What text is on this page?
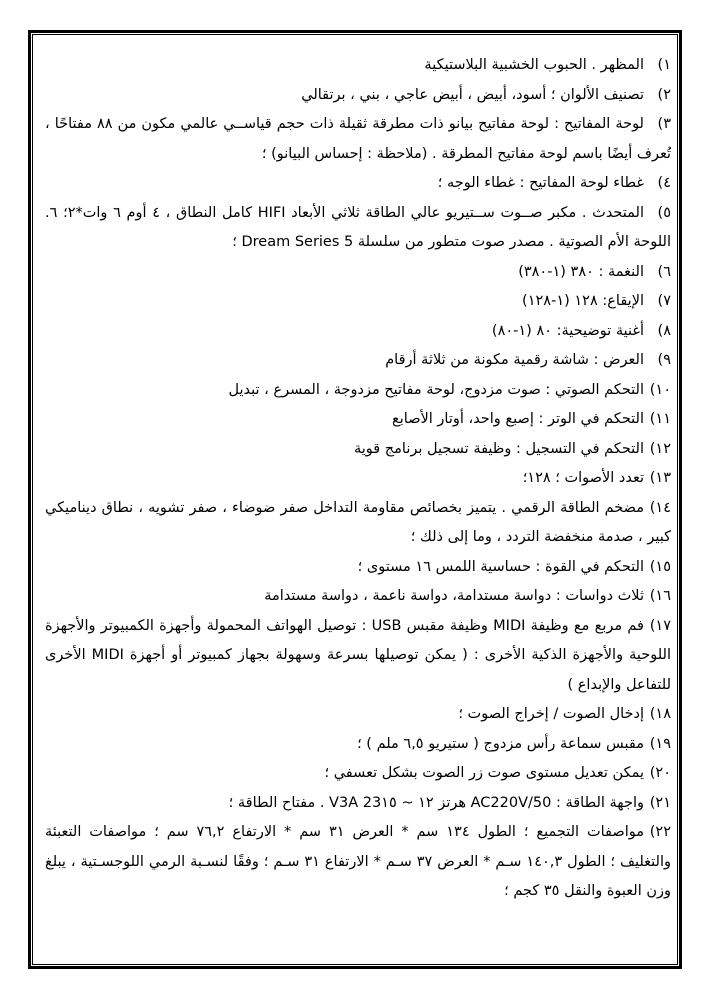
١)المظهر . الحبوب الخشبية البلاستيكية
٢)تصنيف الألوان ؛ أسود، أبيض ، أبيض عاجي ، بني ، برتقالي
٣)لوحة المفاتيح : لوحة مفاتيح بيانو ذات مطرقة ثقيلة ذات حجم قياســي عالمي مكون من ٨٨ مفتاحًا ، تُعرف أيضًا باسم لوحة مفاتيح المطرقة . (ملاحظة : إحساس البيانو) ؛
٤)غطاء لوحة المفاتيح : غطاء الوجه ؛
٥)المتحدث . مكبر صــوت ســتيريو عالي الطاقة ثلاثي الأبعاد HIFI كامل النطاق ، ٤ أوم ٦ وات*٢؛ ٦. اللوحة الأم الصوتية . مصدر صوت متطور من سلسلة Dream Series 5 ؛
٦)النغمة : ٣٨٠ (١-٣٨٠)
٧)الإيقاع: ١٢٨ (١-١٢٨)
٨)أغنية توضيحية: ٨٠ (١-٨٠)
٩)العرض : شاشة رقمية مكونة من ثلاثة أرقام
١٠)التحكم الصوتي : صوت مزدوج، لوحة مفاتيح مزدوجة ، المسرع ، تبديل
١١)التحكم في الوتر : إصبع واحد، أوتار الأصابع
١٢)التحكم في التسجيل : وظيفة تسجيل برنامج قوية
١٣)تعدد الأصوات ؛ ١٢٨؛
١٤)مضخم الطاقة الرقمي . يتميز بخصائص مقاومة التداخل صفر ضوضاء ، صفر تشويه ، نطاق ديناميكي كبير ، صدمة منخفضة التردد ، وما إلى ذلك ؛
١٥)التحكم في القوة : حساسية اللمس ١٦ مستوى ؛
١٦)ثلاث دواسات : دواسة مستدامة، دواسة ناعمة ، دواسة مستدامة
١٧)فم مربع مع وظيفة MIDI وظيفة مقبس USB : توصيل الهواتف المحمولة وأجهزة الكمبيوتر والأجهزة اللوحية والأجهزة الذكية الأخرى : ( يمكن توصيلها بسرعة وسهولة بجهاز كمبيوتر أو أجهزة MIDI الأخرى للتفاعل والإبداع )
١٨)إدخال الصوت / إخراج الصوت ؛
١٩)مقبس سماعة رأس مزدوج ( ستيريو ٦,٥ ملم ) ؛
٢٠)يمكن تعديل مستوى صوت زر الصوت بشكل تعسفي ؛
٢١)واجهة الطاقة : AC220V/50 هرتز ١٢ ~ 23١٥ V3A . مفتاح الطاقة ؛
٢٢)مواصفات التجميع ؛ الطول ١٣٤ سم * العرض ٣١ سم * الارتفاع ٧٦,٢ سم ؛ مواصفات التعبئة والتغليف ؛ الطول ١٤٠,٣ سـم * العرض ٣٧ سـم * الارتفاع ٣١ سـم ؛ وفقًا لنسـبة الرمي اللوجسـتية ، يبلغ وزن العبوة والنقل ٣٥ كجم ؛
